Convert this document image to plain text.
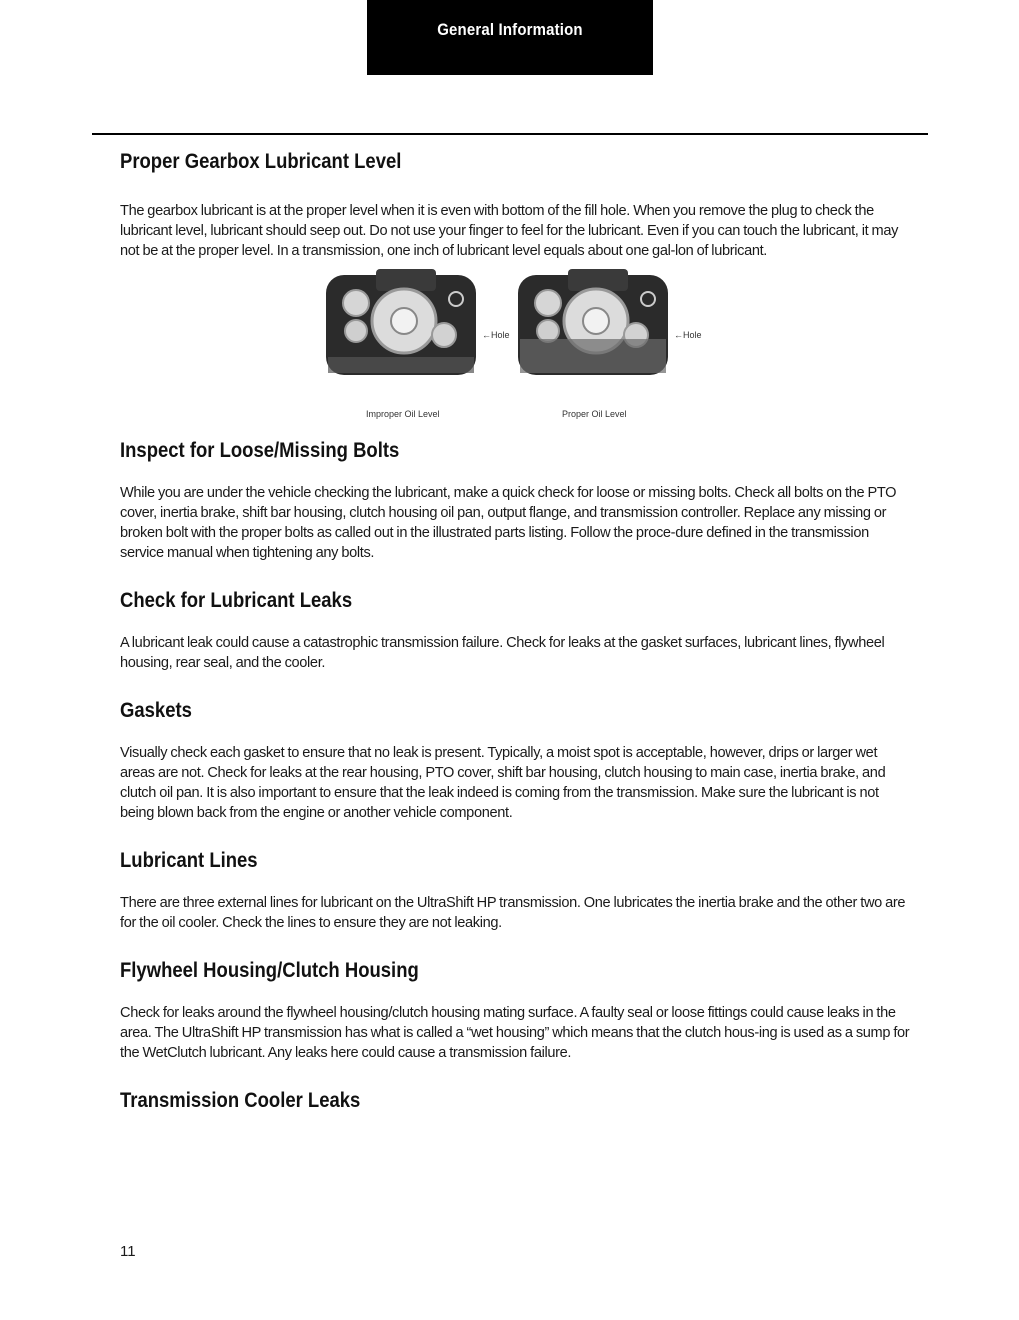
General Information
Proper Gearbox Lubricant Level

The gearbox lubricant is at the proper level when it is even with bottom of the fill hole. When you remove the plug to check the lubricant level, lubricant should seep out. Do not use your finger to feel for the lubricant. Even if you can touch the lubricant, it may not be at the proper level. In a transmission, one inch of lubricant level equals about one gal-lon of lubricant.

←Hole
Improper Oil Level
←Hole
Proper Oil Level
Inspect for Loose/Missing Bolts

While you are under the vehicle checking the lubricant, make a quick check for loose or missing bolts. Check all bolts on the PTO cover, inertia brake, shift bar housing, clutch housing oil pan, output flange, and transmission controller. Replace any missing or broken bolt with the proper bolts as called out in the illustrated parts listing. Follow the proce-dure defined in the transmission service manual when tightening any bolts.

Check for Lubricant Leaks

A lubricant leak could cause a catastrophic transmission failure. Check for leaks at the gasket surfaces, lubricant lines, flywheel housing, rear seal, and the cooler.

Gaskets

Visually check each gasket to ensure that no leak is present. Typically, a moist spot is acceptable, however, drips or larger wet areas are not. Check for leaks at the rear housing, PTO cover, shift bar housing, clutch housing to main case, inertia brake, and clutch oil pan. It is also important to ensure that the leak indeed is coming from the transmission. Make sure the lubricant is not being blown back from the engine or another vehicle component.

Lubricant Lines

There are three external lines for lubricant on the UltraShift HP transmission. One lubricates the inertia brake and the other two are for the oil cooler. Check the lines to ensure they are not leaking.

Flywheel Housing/Clutch Housing

Check for leaks around the flywheel housing/clutch housing mating surface. A faulty seal or loose fittings could cause leaks in the area. The UltraShift HP transmission has what is called a “wet housing” which means that the clutch hous-ing is used as a sump for the WetClutch lubricant. Any leaks here could cause a transmission failure.

Transmission Cooler Leaks
11
